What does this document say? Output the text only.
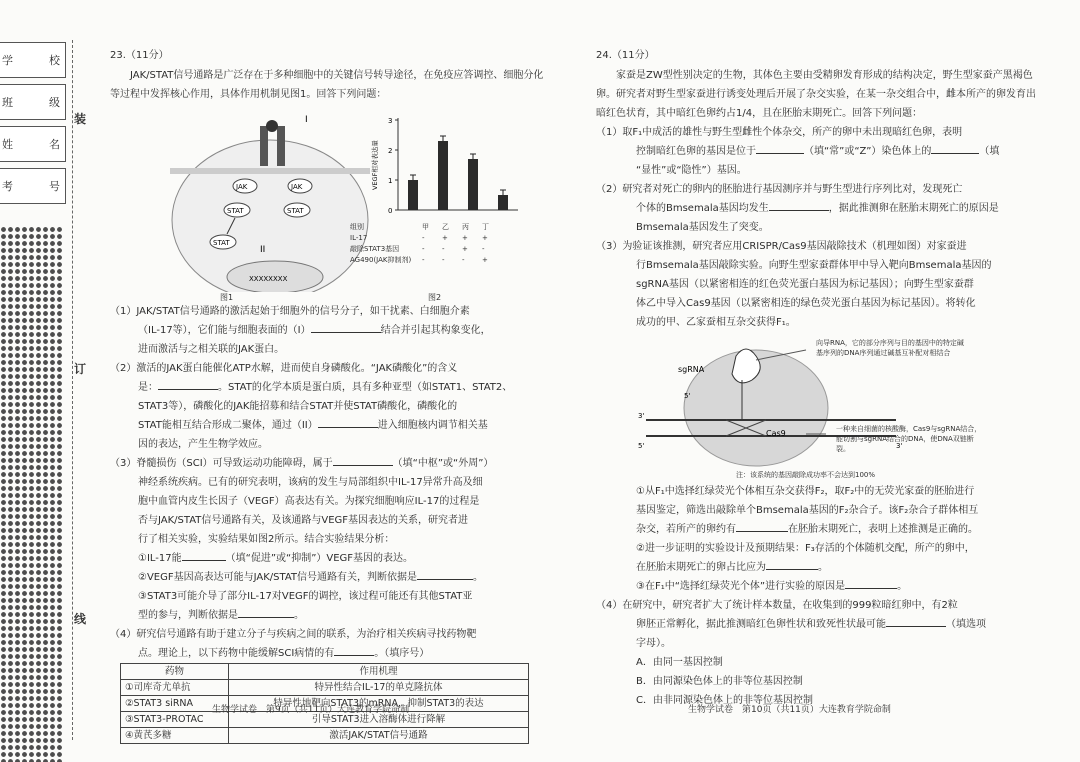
学校
班级
姓名
考号
装
订
线
23.（11分）
JAK/STAT信号通路是广泛存在于多种细胞中的关键信号转导途径，在免疫应答调控、细胞分化等过程中发挥核心作用，具体作用机制见图1。回答下列问题：
JAK	JAK
STAT	STAT
STAT
I
II
XXXXXXXX
图1
VEGF相对表达量
0
1
2
3
组别	甲 乙 丙 丁
IL-17	- + + +
敲除STAT3基因	- - + -
AG490(JAK抑制剂) - - - +
图2
（1）JAK/STAT信号通路的激活起始于细胞外的信号分子，如干扰素、白细胞介素
（IL-17等），它们能与细胞表面的（I）	结合并引起其构象变化，
进而激活与之相关联的JAK蛋白。
（2）激活的JAK蛋白能催化ATP水解，进而使自身磷酸化。“JAK磷酸化”的含义
是：	。STAT的化学本质是蛋白质，具有多种亚型（如STAT1、STAT2、
STAT3等），磷酸化的JAK能招募和结合STAT并使STAT磷酸化，磷酸化的
STAT能相互结合形成二聚体，通过（II）	进入细胞核内调节相关基
因的表达，产生生物学效应。
（3）脊髓损伤（SCI）可导致运动功能障碍，属于	（填“中枢”或“外周”）
神经系统疾病。已有的研究表明，该病的发生与局部组织中IL-17异常升高及细
胞中血管内皮生长因子（VEGF）高表达有关。为探究细胞响应IL-17的过程是
否与JAK/STAT信号通路有关，及该通路与VEGF基因表达的关系，研究者进
行了相关实验，实验结果如图2所示。结合实验结果分析：
①IL-17能	（填“促进”或“抑制”）VEGF基因的表达。
②VEGF基因高表达可能与JAK/STAT信号通路有关，判断依据是	。
③STAT3可能介导了部分IL-17对VEGF的调控，该过程可能还有其他STAT亚
型的参与，判断依据是	。
（4）研究信号通路有助于建立分子与疾病之间的联系，为治疗相关疾病寻找药物靶
点。理论上，以下药物中能缓解SCI病情的有	。（填序号）
药物	作用机理
①司库奇尤单抗	特异性结合IL-17的单克隆抗体
②STAT3 siRNA	特异性地靶向STAT3的mRNA，抑制STAT3的表达
③STAT3-PROTAC	引导STAT3进入溶酶体进行降解
④黄芪多糖	激活JAK/STAT信号通路
生物学试卷　第9页（共11页）大连教育学院命制
24.（11分）
家蚕是ZW型性别决定的生物，其体色主要由受精卵发育形成的结构决定，野生型家蚕产黑褐色卵。研究者对野生型家蚕进行诱变处理后开展了杂交实验，在某一杂交组合中，雌本所产的卵发育出暗红色状育，其中暗红色卵约占1/4，且在胚胎末期死亡。回答下列问题：
（1）取F₁中成活的雄性与野生型雌性个体杂交，所产的卵中未出现暗红色卵，表明
控制暗红色卵的基因是位于	（填“常”或“Z”）染色体上的	（填
“显性”或“隐性”）基因。
（2）研究者对死亡的卵内的胚胎进行基因测序并与野生型进行序列比对，发现死亡
个体的Bmsemala基因均发生	，据此推测卵在胚胎末期死亡的原因是
Bmsemala基因发生了突变。
（3）为验证该推测，研究者应用CRISPR/Cas9基因敲除技术（机理如图）对家蚕进
行Bmsemala基因敲除实验。向野生型家蚕群体甲中导入靶向Bmsemala基因的
sgRNA基因（以紧密相连的红色荧光蛋白基因为标记基因）；向野生型家蚕群
体乙中导入Cas9基因（以紧密相连的绿色荧光蛋白基因为标记基因）。将转化
成功的甲、乙家蚕相互杂交获得F₁。
sgRNA
Cas9
5'
3'
5'	3'
向导RNA，它的部分序列与目的基因中的特定碱基序列的DNA序列通过碱基互补配对相结合
一种来自细菌的核酸酶，Cas9与sgRNA结合，能切割与sgRNA结合的DNA，使DNA双链断裂。
注：该系统的基因敲除成功率不会达到100%
①从F₁中选择红绿荧光个体相互杂交获得F₂，取F₂中的无荧光家蚕的胚胎进行
基因鉴定，筛选出敲除单个Bmsemala基因的F₂杂合子。该F₂杂合子群体相互
杂交，若所产的卵约有	在胚胎末期死亡，表明上述推测是正确的。
②进一步证明的实验设计及预期结果：F₃存活的个体随机交配，所产的卵中，
在胚胎末期死亡的卵占比应为	。
③在F₁中“选择红绿荧光个体”进行实验的原因是	。
（4）在研究中，研究者扩大了统计样本数量，在收集到的999粒暗红卵中，有2粒
卵胚正常孵化，据此推测暗红色卵性状和致死性状最可能	（填选项
字母）。
A．由同一基因控制
B．由同源染色体上的非等位基因控制
C．由非同源染色体上的非等位基因控制
生物学试卷　第10页（共11页）大连教育学院命制
